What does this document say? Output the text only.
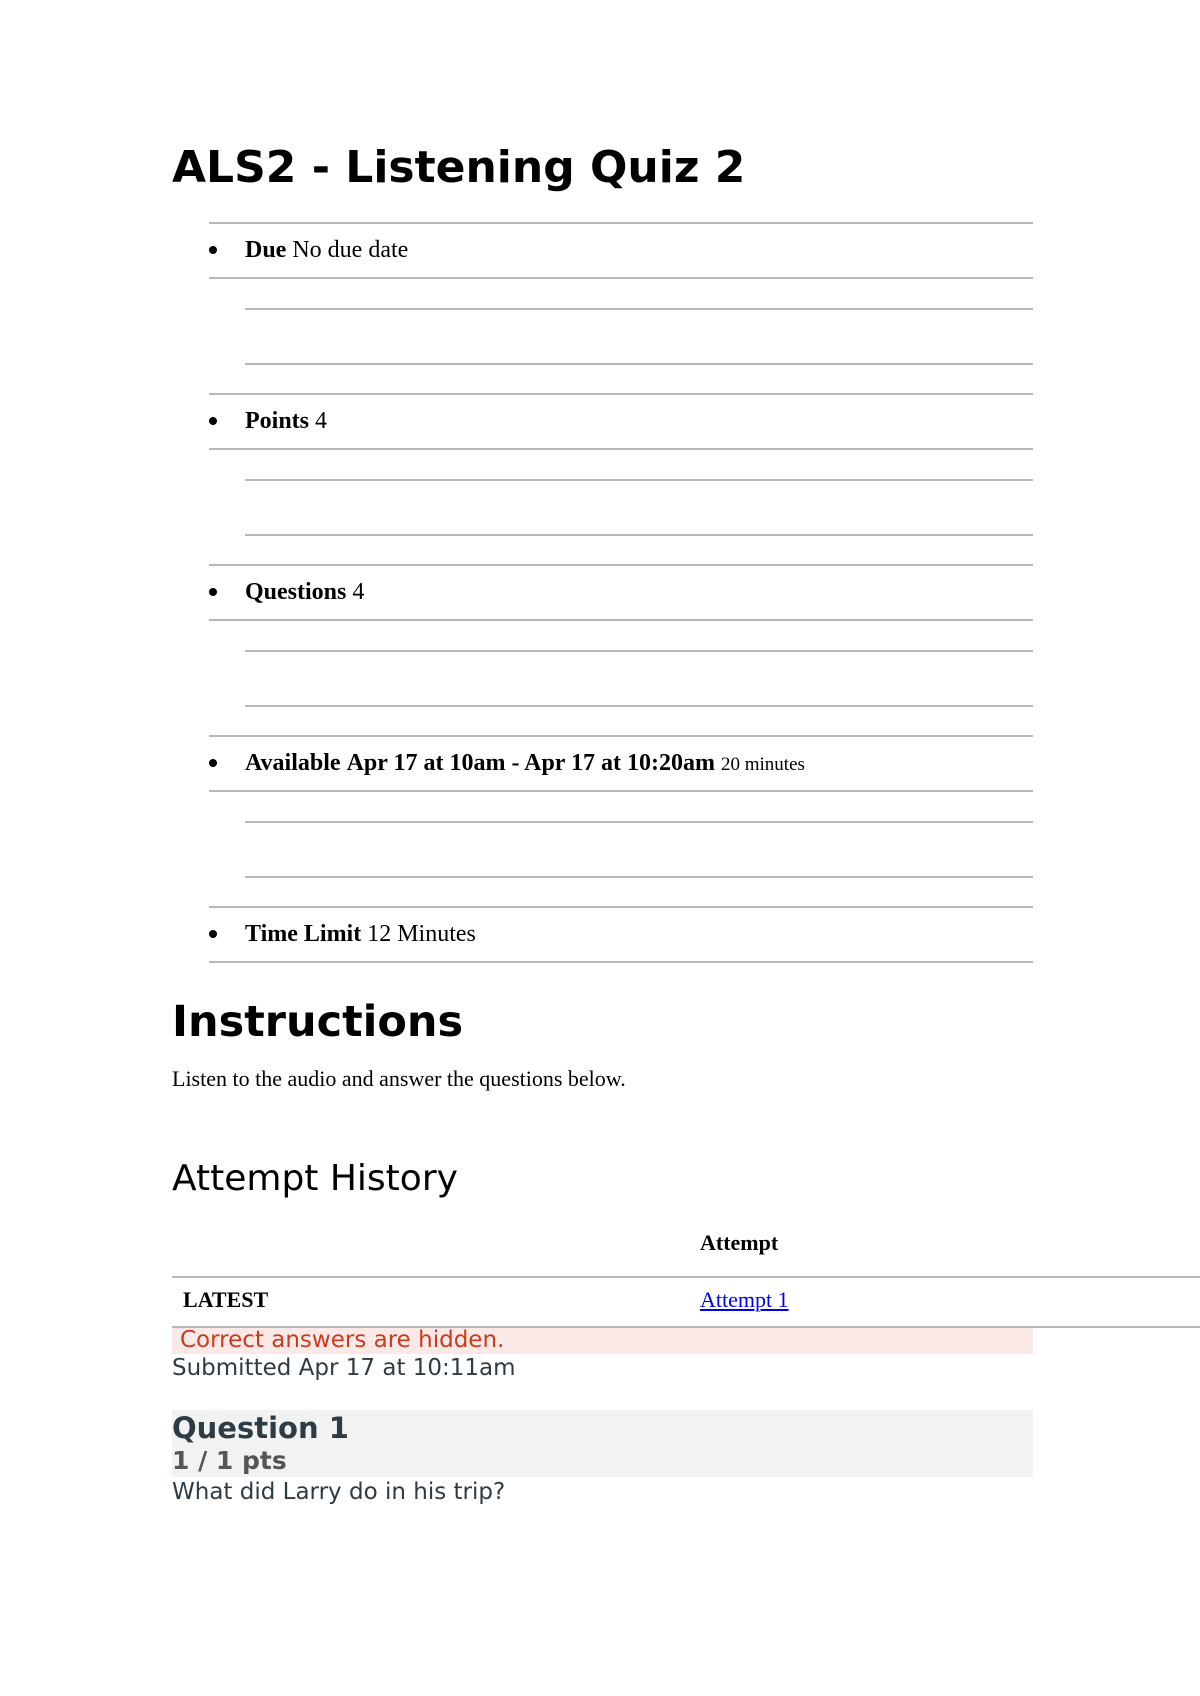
ALS2 - Listening Quiz 2
Due No due date
Points 4
Questions 4
Available Apr 17 at 10am - Apr 17 at 10:20am 20 minutes
Time Limit 12 Minutes
Instructions
Listen to the audio and answer the questions below.
Attempt History
Attempt
LATEST	Attempt 1
Correct answers are hidden.
Submitted Apr 17 at 10:11am
Question 1
1 / 1 pts
What did Larry do in his trip?
